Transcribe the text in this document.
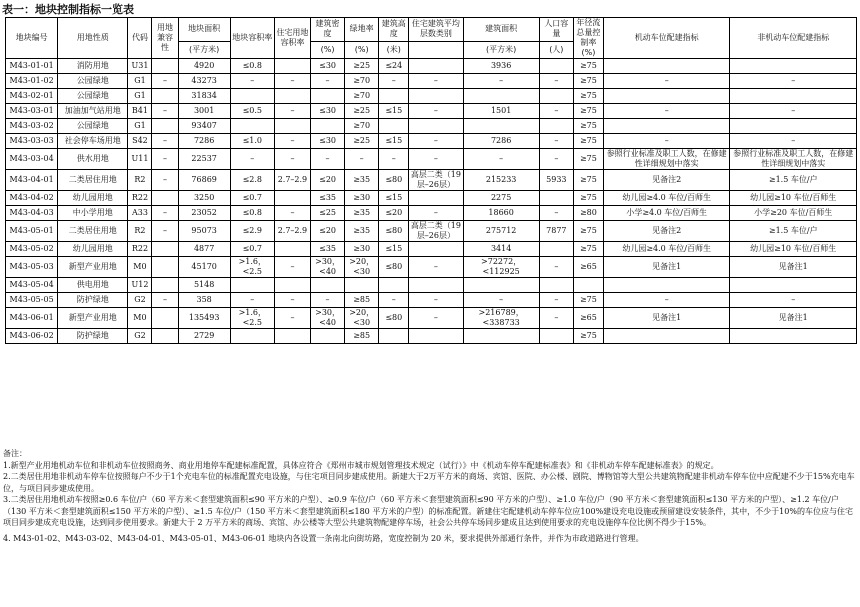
表一：地块控制指标一览表
地块编号	用地性质	代码	用地兼容性	地块面积	地块容积率	住宅用地容积率	建筑密度	绿地率	建筑高度	住宅建筑平均层数类别	建筑面积	人口容量	年径流总量控制率(%)	机动车位配建指标	非机动车位配建指标
				(平方米)			(%)	(%)	(米)		(平方米)	(人)			
M43-01-01	消防用地	U31		4920	≤0.8		≤30	≥25	≤24		3936		≥75		
M43-01-02	公园绿地	G1	–	43273	–	–	–	≥70	–	–	–	–	≥75	–	–
M43-02-01	公园绿地	G1		31834				≥70					≥75		
M43-03-01	加油加气站用地	B41	–	3001	≤0.5	–	≤30	≥25	≤15	–	1501	–	≥75	–	–
M43-03-02	公园绿地	G1		93407				≥70					≥75		
M43-03-03	社会停车场用地	S42	–	7286	≤1.0	–	≤30	≥25	≤15	–	7286	–	≥75	–	–
M43-03-04	供水用地	U11	–	22537	–	–	–	–	–	–	–	–	≥75	参照行业标准及职工人数，在修建性详细规划中落实	参照行业标准及职工人数，在修建性详细规划中落实
M43-04-01	二类居住用地	R2	–	76869	≤2.8	2.7–2.9	≤20	≥35	≤80	高层二类（19层–26层）	215233	5933	≥75	见备注2	≥1.5 车位/户
M43-04-02	幼儿园用地	R22		3250	≤0.7		≤35	≥30	≤15		2275		≥75	幼儿园≥4.0 车位/百师生	幼儿园≥10 车位/百师生
M43-04-03	中小学用地	A33	–	23052	≤0.8	–	≤25	≥35	≤20	–	18660	–	≥80	小学≥4.0 车位/百师生	小学≥20 车位/百师生
M43-05-01	二类居住用地	R2	–	95073	≤2.9	2.7–2.9	≤20	≥35	≤80	高层二类（19层–26层）	275712	7877	≥75	见备注2	≥1.5 车位/户
M43-05-02	幼儿园用地	R22		4877	≤0.7		≤35	≥30	≤15		3414		≥75	幼儿园≥4.0 车位/百师生	幼儿园≥10 车位/百师生
M43-05-03	新型产业用地	M0		45170	>1.6，<2.5	–	>30，<40	>20，<30	≤80	–	>72272，<112925	–	≥65	见备注1	见备注1
M43-05-04	供电用地	U12		5148											
M43-05-05	防护绿地	G2	–	358	–	–	–	≥85	–	–	–	–	≥75	–	–
M43-06-01	新型产业用地	M0		135493	>1.6，<2.5	–	>30，<40	>20，<30	≤80	–	>216789，<338733	–	≥65	见备注1	见备注1
M43-06-02	防护绿地	G2		2729				≥85					≥75		

备注：

1.新型产业用地机动车位和非机动车位按照商务、商业用地停车配建标准配置，具体应符合《郑州市城市规划管理技术规定（试行）》中《机动车停车配建标准表》和《非机动车停车配建标准表》的规定。

2.二类居住用地非机动车停车位按照每户不少于1个充电车位的标准配置充电设施，与住宅项目同步建成使用。新建大于2万平方米的商场、宾馆、医院、办公楼、剧院、博物馆等大型公共建筑物配建非机动车停车位中应配建不少于15%充电车位，与项目同步建成使用。

3.二类居住用地机动车按照≥0.6 车位/户（60 平方米＜套型建筑面积≤90 平方米的户型）、≥0.9 车位/户（60 平方米＜套型建筑面积≤90 平方米的户型）、≥1.0 车位/户（90 平方米＜套型建筑面积≤130 平方米的户型）、≥1.2 车位/户（130 平方米＜套型建筑面积≤150 平方米的户型）、≥1.5 车位/户（150 平方米＜套型建筑面积≤180 平方米的户型）的标准配置。新建住宅配建机动车停车位应100%建设充电设施或预留建设安装条件，其中，不少于10%的车位应与住宅项目同步建成充电设施，达到同步使用要求。新建大于 2 万平方米的商场、宾馆、办公楼等大型公共建筑物配建停车场，社会公共停车场同步建成且达到使用要求的充电设施停车位比例不得少于15%。

4. M43-01-02、M43-03-02、M43-04-01、M43-05-01、M43-06-01 地块内各设置一条南北向街坊路，宽度控制为 20 米，要求提供外部通行条件，并作为市政道路进行管理。
